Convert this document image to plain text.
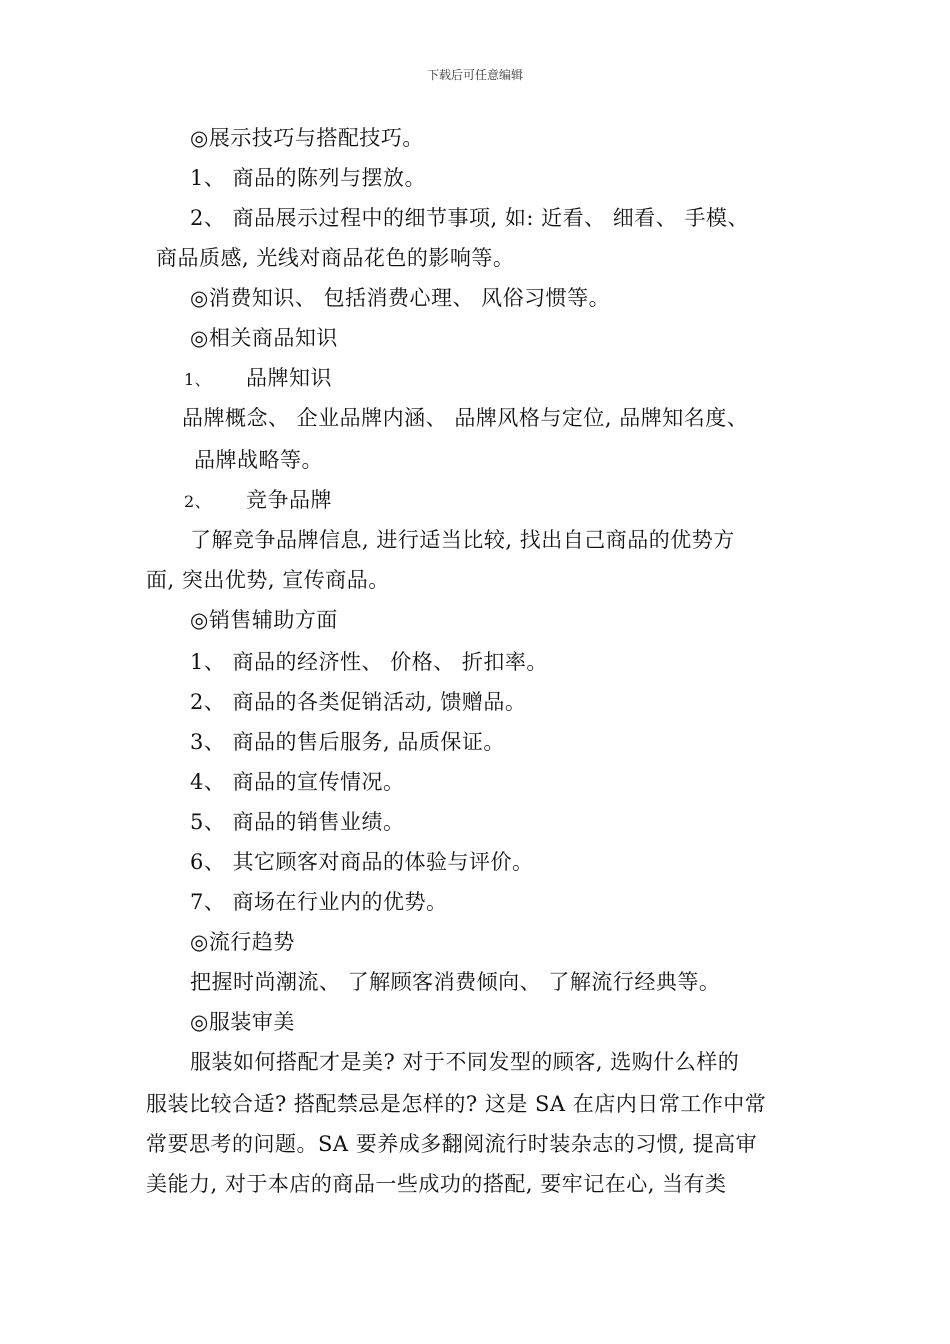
下载后可任意编辑
◎展示技巧与搭配技巧。
1、 商品的陈列与摆放。
2、 商品展示过程中的细节事项, 如: 近看、 细看、 手模、
商品质感, 光线对商品花色的影响等。
◎消费知识、 包括消费心理、 风俗习惯等。
◎相关商品知识
1、 品牌知识
品牌概念、 企业品牌内涵、 品牌风格与定位, 品牌知名度、
品牌战略等。
2、 竞争品牌
了解竞争品牌信息, 进行适当比较, 找出自己商品的优势方
面, 突出优势, 宣传商品。
◎销售辅助方面
1、 商品的经济性、 价格、 折扣率。
2、 商品的各类促销活动, 馈赠品。
3、 商品的售后服务, 品质保证。
4、 商品的宣传情况。
5、 商品的销售业绩。
6、 其它顾客对商品的体验与评价。
7、 商场在行业内的优势。
◎流行趋势
把握时尚潮流、 了解顾客消费倾向、 了解流行经典等。
◎服装审美
服装如何搭配才是美? 对于不同发型的顾客, 选购什么样的
服装比较合适? 搭配禁忌是怎样的? 这是 SA 在店内日常工作中常
常要思考的问题。SA 要养成多翻阅流行时装杂志的习惯, 提高审
美能力, 对于本店的商品一些成功的搭配, 要牢记在心, 当有类
